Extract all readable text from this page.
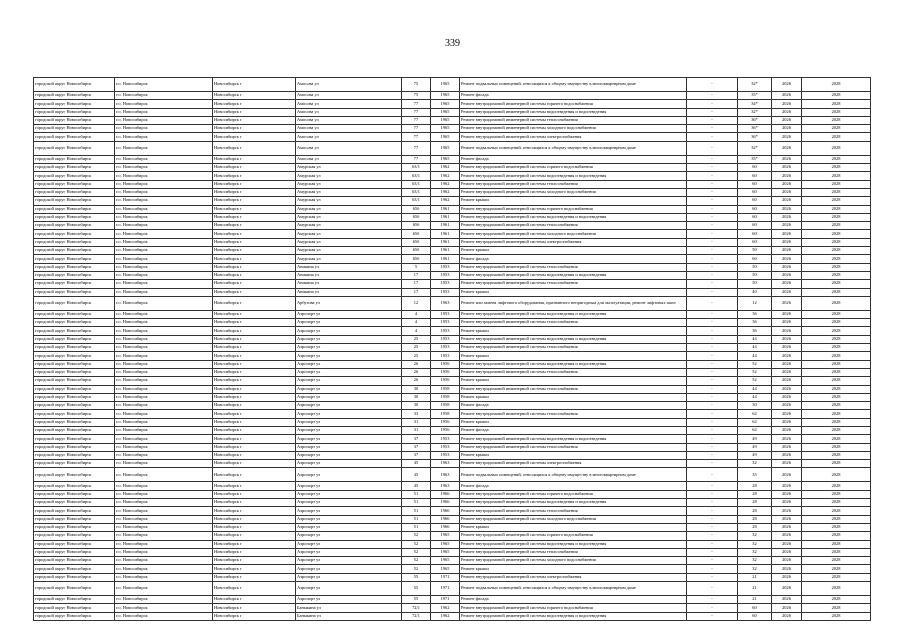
339
городской округ Новосибирск	г.о. Новосибирск	Новосибирск г	Амосова ул	75	1965	Ремонт подвальных помещений, относящихся к общему имуществу в многоквартирном доме	-	32*	2026	2028
городской округ Новосибирск	г.о. Новосибирск	Новосибирск г	Амосова ул	75	1965	Ремонт фасада	-	35*	2026	2028
городской округ Новосибирск	г.о. Новосибирск	Новосибирск г	Амосова ул	77	1965	Ремонт внутридомовой инженерной системы горячего водоснабжения	-	34*	2026	2028
городской округ Новосибирск	г.о. Новосибирск	Новосибирск г	Амосова ул	77	1965	Ремонт внутридомовой инженерной системы водоотведения и водоотведения	-	32*	2026	2028
городской округ Новосибирск	г.о. Новосибирск	Новосибирск г	Амосова ул	77	1965	Ремонт внутридомовой инженерной системы теплоснабжения	-	36*	2026	2028
городской округ Новосибирск	г.о. Новосибирск	Новосибирск г	Амосова ул	77	1965	Ремонт внутридомовой инженерной системы холодного водоснабжения	-	36*	2026	2028
городской округ Новосибирск	г.о. Новосибирск	Новосибирск г	Амосова ул	77	1965	Ремонт внутридомовой инженерной системы электроснабжения	-	36*	2026	2028
городской округ Новосибирск	г.о. Новосибирск	Новосибирск г	Амосова ул	77	1965	Ремонт подвальных помещений, относящихся к общему имуществу в многоквартирном доме	-	32*	2026	2028
городской округ Новосибирск	г.о. Новосибирск	Новосибирск г	Амосова ул	77	1965	Ремонт фасада	-	35*	2026	2028
городской округ Новосибирск	г.о. Новосибирск	Новосибирск г	Амурская ул	63/1	1962	Ремонт внутридомовой инженерной системы горячего водоснабжения	-	60	2026	2028
городской округ Новосибирск	г.о. Новосибирск	Новосибирск г	Амурская ул	63/1	1962	Ремонт внутридомовой инженерной системы водоотведения и водоотведения	-	60	2026	2028
городской округ Новосибирск	г.о. Новосибирск	Новосибирск г	Амурская ул	63/1	1962	Ремонт внутридомовой инженерной системы теплоснабжения	-	60	2026	2028
городской округ Новосибирск	г.о. Новосибирск	Новосибирск г	Амурская ул	63/1	1962	Ремонт внутридомовой инженерной системы холодного водоснабжения	-	60	2026	2028
городской округ Новосибирск	г.о. Новосибирск	Новосибирск г	Амурская ул	63/1	1962	Ремонт крыши	-	60	2026	2028
городской округ Новосибирск	г.о. Новосибирск	Новосибирск г	Амурская ул	65б	1961	Ремонт внутридомовой инженерной системы горячего водоснабжения	-	60	2026	2028
городской округ Новосибирск	г.о. Новосибирск	Новосибирск г	Амурская ул	65б	1961	Ремонт внутридомовой инженерной системы водоотведения и водоотведения	-	60	2026	2028
городской округ Новосибирск	г.о. Новосибирск	Новосибирск г	Амурская ул	65б	1961	Ремонт внутридомовой инженерной системы теплоснабжения	-	60	2026	2028
городской округ Новосибирск	г.о. Новосибирск	Новосибирск г	Амурская ул	65б	1961	Ремонт внутридомовой инженерной системы холодного водоснабжения	-	60	2026	2028
городской округ Новосибирск	г.о. Новосибирск	Новосибирск г	Амурская ул	65б	1961	Ремонт внутридомовой инженерной системы электроснабжения	-	60	2026	2028
городской округ Новосибирск	г.о. Новосибирск	Новосибирск г	Амурская ул	65б	1961	Ремонт крыши	-	50	2026	2028
городской округ Новосибирск	г.о. Новосибирск	Новосибирск г	Амурская ул	65б	1961	Ремонт фасада	-	60	2026	2028
городской округ Новосибирск	г.о. Новосибирск	Новосибирск г	Аникина ул	5	1953	Ремонт внутридомовой инженерной системы теплоснабжения	-	50	2026	2028
городской округ Новосибирск	г.о. Новосибирск	Новосибирск г	Аникина ул	17	1953	Ремонт внутридомовой инженерной системы водоотведения и водоотведения	-	50	2026	2028
городской округ Новосибирск	г.о. Новосибирск	Новосибирск г	Аникина ул	17	1953	Ремонт внутридомовой инженерной системы теплоснабжения	-	50	2026	2028
городской округ Новосибирск	г.о. Новосибирск	Новосибирск г	Аникина ул	17	1953	Ремонт крыши	-	40	2026	2028
городской округ Новосибирск	г.о. Новосибирск	Новосибирск г	Арбузова ул	12	1963	Ремонт или замена лифтового оборудования, признанного непригодным для эксплуатации, ремонт лифтовых шахт	-	12	2026	2028
городской округ Новосибирск	г.о. Новосибирск	Новосибирск г	Аэропорт ул	4	1953	Ремонт внутридомовой инженерной системы водоотведения и водоотведения	-	36	2026	2028
городской округ Новосибирск	г.о. Новосибирск	Новосибирск г	Аэропорт ул	4	1953	Ремонт внутридомовой инженерной системы теплоснабжения	-	36	2026	2028
городской округ Новосибирск	г.о. Новосибирск	Новосибирск г	Аэропорт ул	4	1953	Ремонт крыши	-	36	2026	2028
городской округ Новосибирск	г.о. Новосибирск	Новосибирск г	Аэропорт ул	25	1953	Ремонт внутридомовой инженерной системы водоотведения и водоотведения	-	44	2026	2028
городской округ Новосибирск	г.о. Новосибирск	Новосибирск г	Аэропорт ул	25	1953	Ремонт внутридомовой инженерной системы теплоснабжения	-	44	2026	2028
городской округ Новосибирск	г.о. Новосибирск	Новосибирск г	Аэропорт ул	25	1953	Ремонт крыши	-	44	2026	2028
городской округ Новосибирск	г.о. Новосибирск	Новосибирск г	Аэропорт ул	26	1956	Ремонт внутридомовой инженерной системы водоотведения и водоотведения	-	52	2026	2028
городской округ Новосибирск	г.о. Новосибирск	Новосибирск г	Аэропорт ул	26	1956	Ремонт внутридомовой инженерной системы теплоснабжения	-	52	2026	2028
городской округ Новосибирск	г.о. Новосибирск	Новосибирск г	Аэропорт ул	26	1956	Ремонт крыши	-	52	2026	2028
городской округ Новосибирск	г.о. Новосибирск	Новосибирск г	Аэропорт ул	30	1958	Ремонт внутридомовой инженерной системы теплоснабжения	-	44	2026	2028
городской округ Новосибирск	г.о. Новосибирск	Новосибирск г	Аэропорт ул	30	1958	Ремонт крыши	-	44	2026	2028
городской округ Новосибирск	г.о. Новосибирск	Новосибирск г	Аэропорт ул	30	1958	Ремонт фасада	-	30	2026	2028
городской округ Новосибирск	г.о. Новосибирск	Новосибирск г	Аэропорт ул	33	1958	Ремонт внутридомовой инженерной системы теплоснабжения	-	62	2026	2028
городской округ Новосибирск	г.о. Новосибирск	Новосибирск г	Аэропорт ул	31	1956	Ремонт крыши	-	62	2026	2028
городской округ Новосибирск	г.о. Новосибирск	Новосибирск г	Аэропорт ул	31	1956	Ремонт фасада	-	62	2026	2028
городской округ Новосибирск	г.о. Новосибирск	Новосибирск г	Аэропорт ул	37	1953	Ремонт внутридомовой инженерной системы водоотведения и водоотведения	-	49	2026	2028
городской округ Новосибирск	г.о. Новосибирск	Новосибирск г	Аэропорт ул	37	1953	Ремонт внутридомовой инженерной системы теплоснабжения	-	49	2026	2028
городской округ Новосибирск	г.о. Новосибирск	Новосибирск г	Аэропорт ул	37	1953	Ремонт крыши	-	49	2026	2028
городской округ Новосибирск	г.о. Новосибирск	Новосибирск г	Аэропорт ул	45	1963	Ремонт внутридомовой инженерной системы электроснабжения	-	32	2026	2028
городской округ Новосибирск	г.о. Новосибирск	Новосибирск г	Аэропорт ул	45	1963	Ремонт подвальных помещений, относящихся к общему имуществу в многоквартирном доме	-	35	2026	2028
городской округ Новосибирск	г.о. Новосибирск	Новосибирск г	Аэропорт ул	45	1963	Ремонт фасада	-	28	2026	2028
городской округ Новосибирск	г.о. Новосибирск	Новосибирск г	Аэропорт ул	51	1966	Ремонт внутридомовой инженерной системы горячего водоснабжения	-	28	2026	2028
городской округ Новосибирск	г.о. Новосибирск	Новосибирск г	Аэропорт ул	51	1966	Ремонт внутридомовой инженерной системы водоотведения и водоотведения	-	28	2026	2028
городской округ Новосибирск	г.о. Новосибирск	Новосибирск г	Аэропорт ул	51	1966	Ремонт внутридомовой инженерной системы теплоснабжения	-	28	2026	2028
городской округ Новосибирск	г.о. Новосибирск	Новосибирск г	Аэропорт ул	51	1966	Ремонт внутридомовой инженерной системы холодного водоснабжения	-	28	2026	2028
городской округ Новосибирск	г.о. Новосибирск	Новосибирск г	Аэропорт ул	51	1966	Ремонт крыши	-	28	2026	2028
городской округ Новосибирск	г.о. Новосибирск	Новосибирск г	Аэропорт ул	52	1965	Ремонт внутридомовой инженерной системы горячего водоснабжения	-	32	2026	2028
городской округ Новосибирск	г.о. Новосибирск	Новосибирск г	Аэропорт ул	52	1965	Ремонт внутридомовой инженерной системы водоотведения и водоотведения	-	32	2026	2028
городской округ Новосибирск	г.о. Новосибирск	Новосибирск г	Аэропорт ул	52	1965	Ремонт внутридомовой инженерной системы теплоснабжения	-	32	2026	2028
городской округ Новосибирск	г.о. Новосибирск	Новосибирск г	Аэропорт ул	52	1965	Ремонт внутридомовой инженерной системы холодного водоснабжения	-	32	2026	2028
городской округ Новосибирск	г.о. Новосибирск	Новосибирск г	Аэропорт ул	52	1965	Ремонт крыши	-	32	2026	2028
городской округ Новосибирск	г.о. Новосибирск	Новосибирск г	Аэропорт ул	55	1971	Ремонт внутридомовой инженерной системы электроснабжения	-	21	2026	2028
городской округ Новосибирск	г.о. Новосибирск	Новосибирск г	Аэропорт ул	55	1971	Ремонт подвальных помещений, относящихся к общему имуществу в многоквартирном доме	-	21	2026	2028
городской округ Новосибирск	г.о. Новосибирск	Новосибирск г	Аэропорт ул	55	1971	Ремонт фасада	-	21	2026	2028
городской округ Новосибирск	г.о. Новосибирск	Новосибирск г	Баныкина ул	72/1	1962	Ремонт внутридомовой инженерной системы горячего водоснабжения	-	60	2026	2028
городской округ Новосибирск	г.о. Новосибирск	Новосибирск г	Баныкина ул	72/1	1962	Ремонт внутридомовой инженерной системы водоотведения и водоотведения	-	60	2026	2028
